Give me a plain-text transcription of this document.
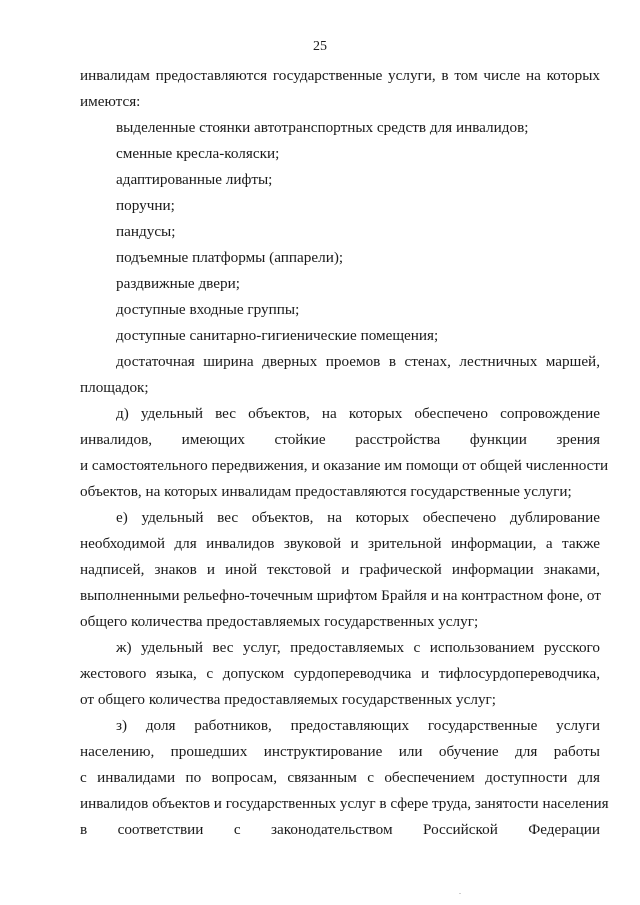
25
инвалидам предоставляются государственные услуги, в том числе на которых
имеются:
выделенные стоянки автотранспортных средств для инвалидов;
сменные кресла-коляски;
адаптированные лифты;
поручни;
пандусы;
подъемные платформы (аппарели);
раздвижные двери;
доступные входные группы;
доступные санитарно-гигиенические помещения;
достаточная ширина дверных проемов в стенах, лестничных маршей,
площадок;
д) удельный вес объектов, на которых обеспечено сопровождение
инвалидов, имеющих стойкие расстройства функции зрения
и самостоятельного передвижения, и оказание им помощи от общей численности
объектов, на которых инвалидам предоставляются государственные услуги;
е) удельный вес объектов, на которых обеспечено дублирование
необходимой для инвалидов звуковой и зрительной информации, а также
надписей, знаков и иной текстовой и графической информации знаками,
выполненными рельефно-точечным шрифтом Брайля и на контрастном фоне, от
общего количества предоставляемых государственных услуг;
ж) удельный вес услуг, предоставляемых с использованием русского
жестового языка, с допуском сурдопереводчика и тифлосурдопереводчика,
от общего количества предоставляемых государственных услуг;
з) доля работников, предоставляющих государственные услуги
населению, прошедших инструктирование или обучение для работы
с инвалидами по вопросам, связанным с обеспечением доступности для
инвалидов объектов и государственных услуг в сфере труда, занятости населения
в соответствии с законодательством Российской Федерации
